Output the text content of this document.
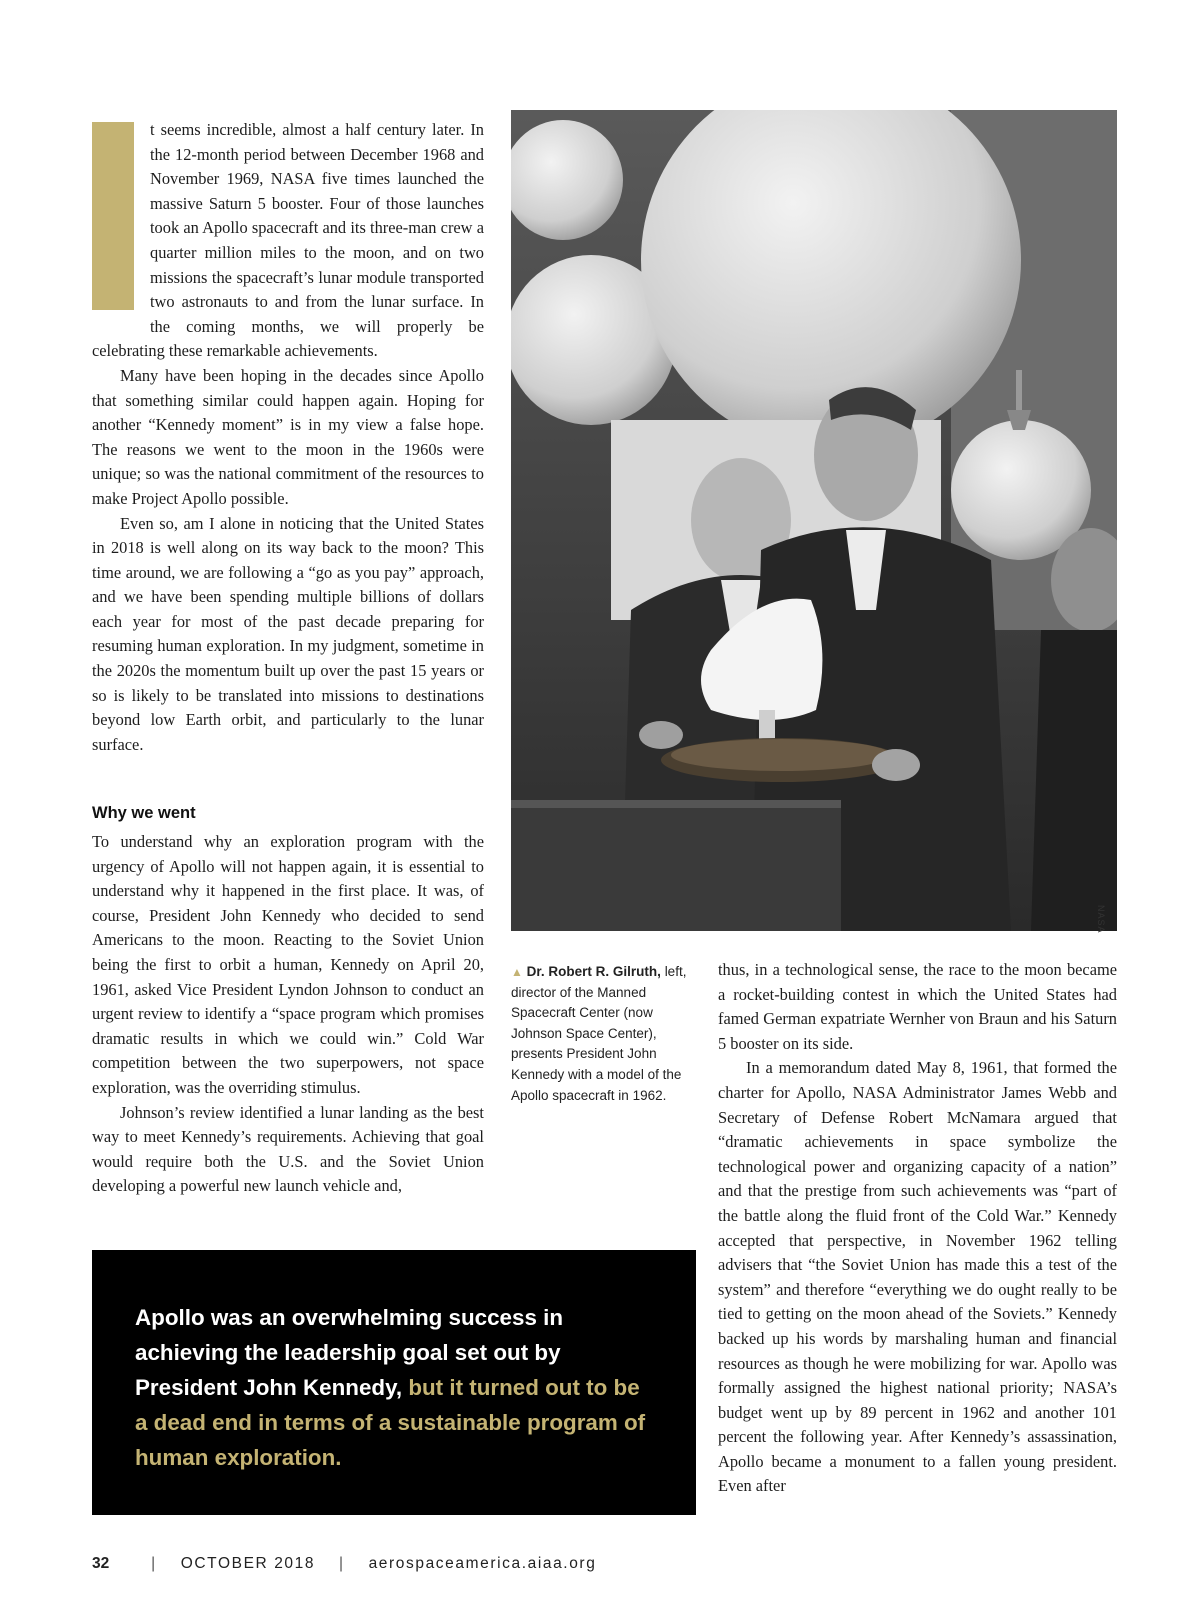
t seems incredible, almost a half century later. In the 12-month period between December 1968 and November 1969, NASA five times launched the massive Saturn 5 booster. Four of those launches took an Apollo spacecraft and its three-man crew a quarter million miles to the moon, and on two missions the spacecraft’s lunar module transported two astronauts to and from the lunar surface. In the coming months, we will properly be celebrating these remarkable achievements.

Many have been hoping in the decades since Apollo that something similar could happen again. Hoping for another “Kennedy moment” is in my view a false hope. The reasons we went to the moon in the 1960s were unique; so was the national commitment of the resources to make Project Apollo possible.

Even so, am I alone in noticing that the United States in 2018 is well along on its way back to the moon? This time around, we are following a “go as you pay” approach, and we have been spending multiple billions of dollars each year for most of the past decade preparing for resuming human exploration. In my judgment, sometime in the 2020s the momentum built up over the past 15 years or so is likely to be translated into missions to destinations beyond low Earth orbit, and particularly to the lunar surface.

Why we went

To understand why an exploration program with the urgency of Apollo will not happen again, it is essential to understand why it happened in the first place. It was, of course, President John Kennedy who decided to send Americans to the moon. Reacting to the Soviet Union being the first to orbit a human, Kennedy on April 20, 1961, asked Vice President Lyndon Johnson to conduct an urgent review to identify a “space program which promises dramatic results in which we could win.” Cold War competition between the two superpowers, not space exploration, was the overriding stimulus.

Johnson’s review identified a lunar landing as the best way to meet Kennedy’s requirements. Achieving that goal would require both the U.S. and the Soviet Union developing a powerful new launch vehicle and,

NASA
▲ Dr. Robert R. Gilruth, left, director of the Manned Spacecraft Center (now Johnson Space Center), presents President John Kennedy with a model of the Apollo spacecraft in 1962.

thus, in a technological sense, the race to the moon became a rocket-building contest in which the United States had famed German expatriate Wernher von Braun and his Saturn 5 booster on its side.

In a memorandum dated May 8, 1961, that formed the charter for Apollo, NASA Administrator James Webb and Secretary of Defense Robert McNamara argued that “dramatic achievements in space symbolize the technological power and organizing capacity of a nation” and that the prestige from such achievements was “part of the battle along the fluid front of the Cold War.” Kennedy accepted that perspective, in November 1962 telling advisers that “the Soviet Union has made this a test of the system” and therefore “everything we do ought really to be tied to getting on the moon ahead of the Soviets.” Kennedy backed up his words by marshaling human and financial resources as though he were mobilizing for war. Apollo was formally assigned the highest national priority; NASA’s budget went up by 89 percent in 1962 and another 101 percent the following year. After Kennedy’s assassination, Apollo became a monument to a fallen young president. Even after

Apollo was an overwhelming success in achieving the leadership goal set out by President John Kennedy, but it turned out to be a dead end in terms of a sustainable program of human exploration.
32	| OCTOBER 2018 | aerospaceamerica.aiaa.org
